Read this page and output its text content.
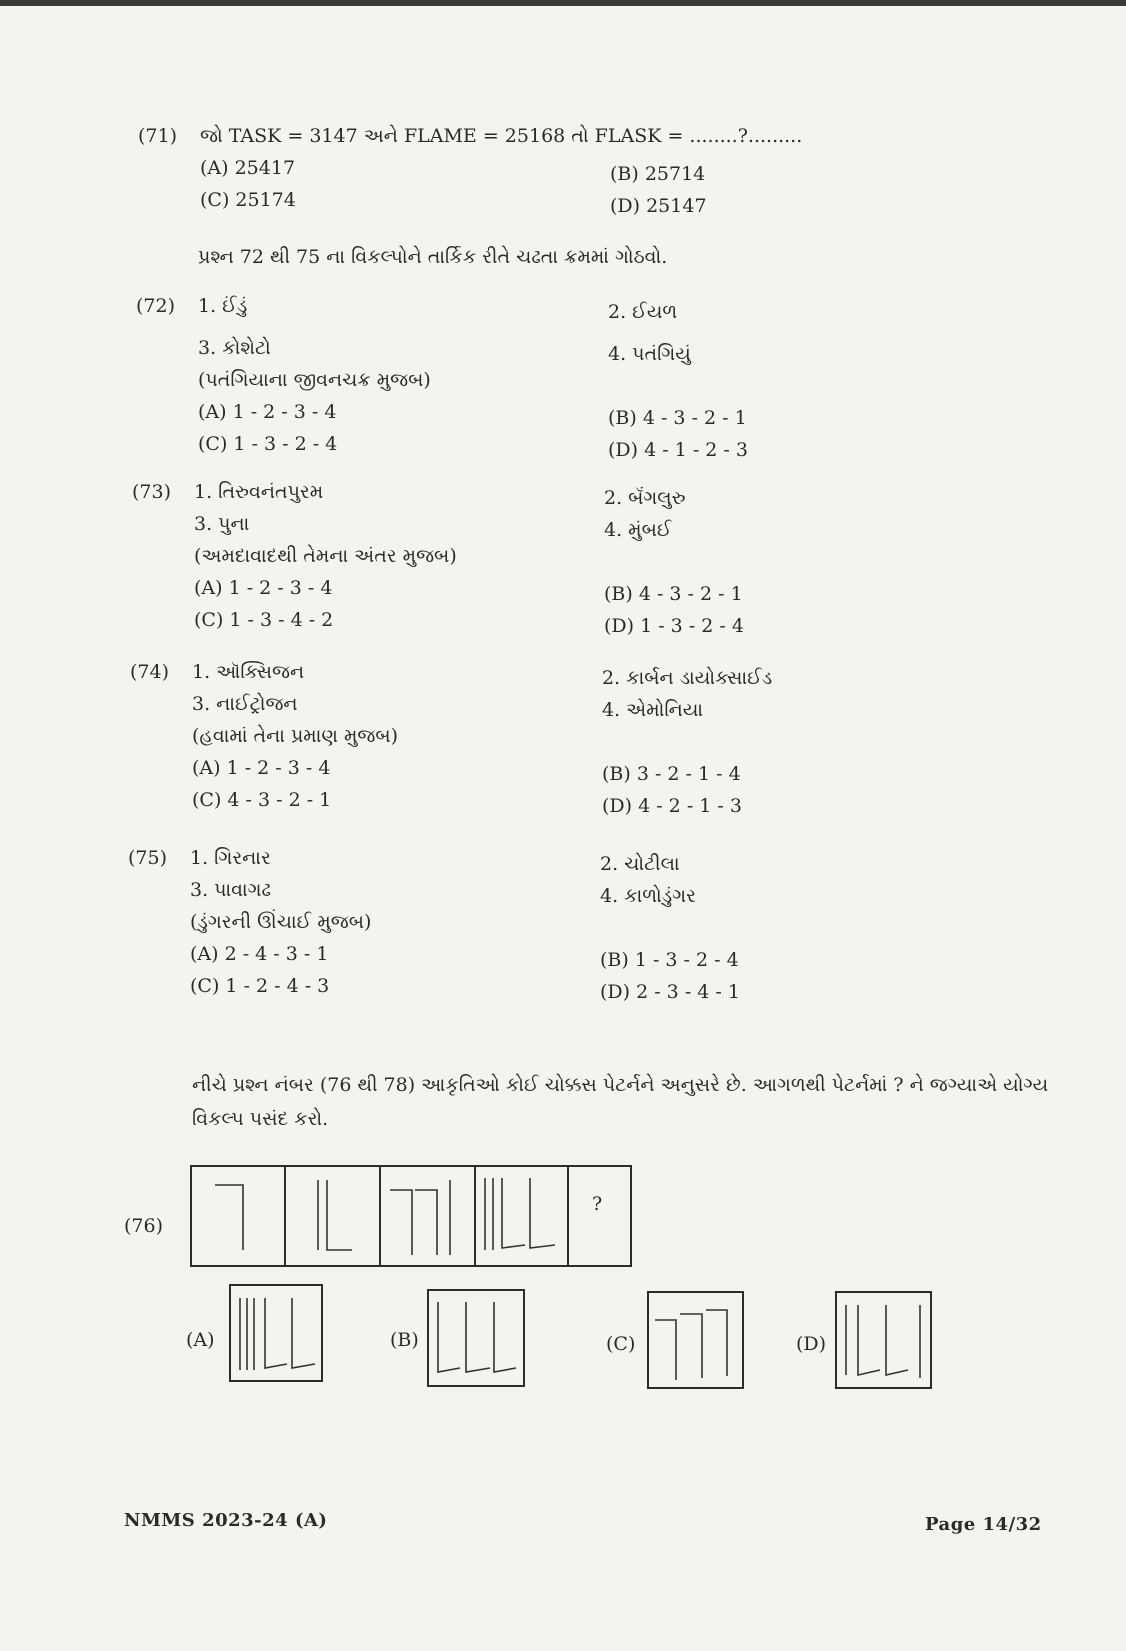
(71)	જો TASK = 3147 અને FLAME = 25168 તો FLASK = ........?.........
(A) 25417	(B) 25714
(C) 25174	(D) 25147
પ્રશ્ન 72 થી 75 ના વિકલ્પોને તાર્કિક રીતે ચઢતા ક્રમમાં ગોઠવો.
(72)	1. ઈંડું	2. ઈયળ
3. કોશેટો	4. પતંગિયું
(પતંગિયાના જીવનચક્ર મુજબ)
(A) 1 - 2 - 3 - 4	(B) 4 - 3 - 2 - 1
(C) 1 - 3 - 2 - 4	(D) 4 - 1 - 2 - 3
(73)	1. તિરુવનંતપુરમ	2. બૅંગલુરુ
3. પુના	4. મુંબઈ
(અમદાવાદથી તેમના અંતર મુજબ)
(A) 1 - 2 - 3 - 4	(B) 4 - 3 - 2 - 1
(C) 1 - 3 - 4 - 2	(D) 1 - 3 - 2 - 4
(74)	1. ઑક્સિજન	2. કાર્બન ડાયોક્સાઈડ
3. નાઈટ્રોજન	4. એમોનિયા
(હવામાં તેના પ્રમાણ મુજબ)
(A) 1 - 2 - 3 - 4	(B) 3 - 2 - 1 - 4
(C) 4 - 3 - 2 - 1	(D) 4 - 2 - 1 - 3
(75)	1. ગિરનાર	2. ચોટીલા
3. પાવાગઢ	4. કાળોડુંગર
(ડુંગરની ઊંચાઈ મુજબ)
(A) 2 - 4 - 3 - 1	(B) 1 - 3 - 2 - 4
(C) 1 - 2 - 4 - 3	(D) 2 - 3 - 4 - 1
નીચે પ્રશ્ન નંબર (76 થી 78) આકૃતિઓ કોઈ ચોક્કસ પેટર્નને અનુસરે છે. આગળથી પેટર્નમાં ? ને જગ્યાએ યોગ્ય વિકલ્પ પસંદ કરો.
(76)
?
(A)	(B)	(C)	(D)
NMMS 2023-24 (A)	Page 14/32
